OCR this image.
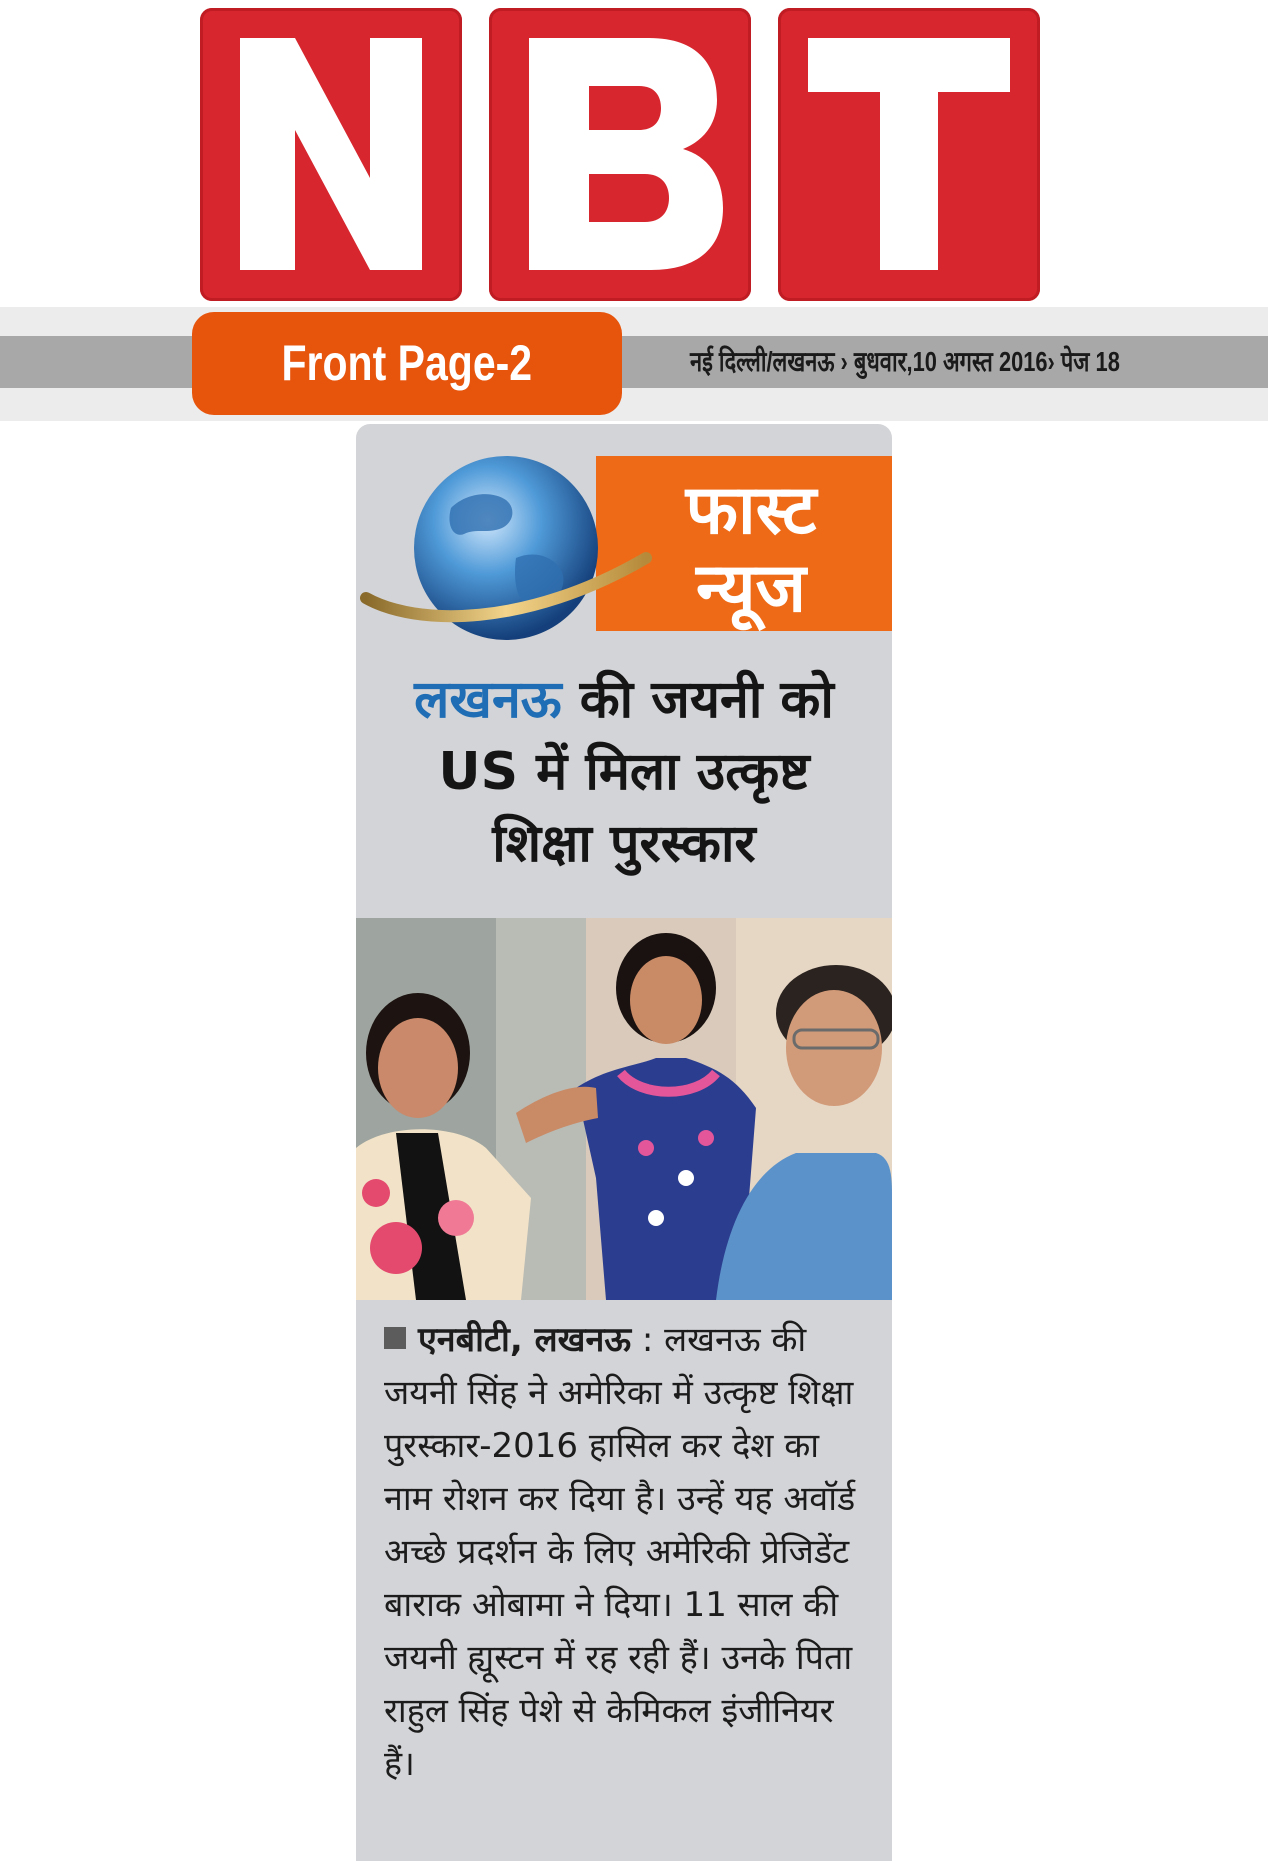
Front Page-2	नई दिल्ली/लखनऊ › बुधवार,10 अगस्त 2016› पेज 18
फास्ट
न्यूज
लखनऊ की जयनी को
US में मिला उत्कृष्ट
शिक्षा पुरस्कार
एनबीटी, लखनऊ : लखनऊ की जयनी सिंह ने अमेरिका में उत्कृष्ट शिक्षा पुरस्कार-2016 हासिल कर देश का नाम रोशन कर दिया है। उन्हें यह अवॉर्ड अच्छे प्रदर्शन के लिए अमेरिकी प्रेजिडेंट बाराक ओबामा ने दिया। 11 साल की जयनी ह्यूस्टन में रह रही हैं। उनके पिता राहुल सिंह पेशे से केमिकल इंजीनियर हैं।
